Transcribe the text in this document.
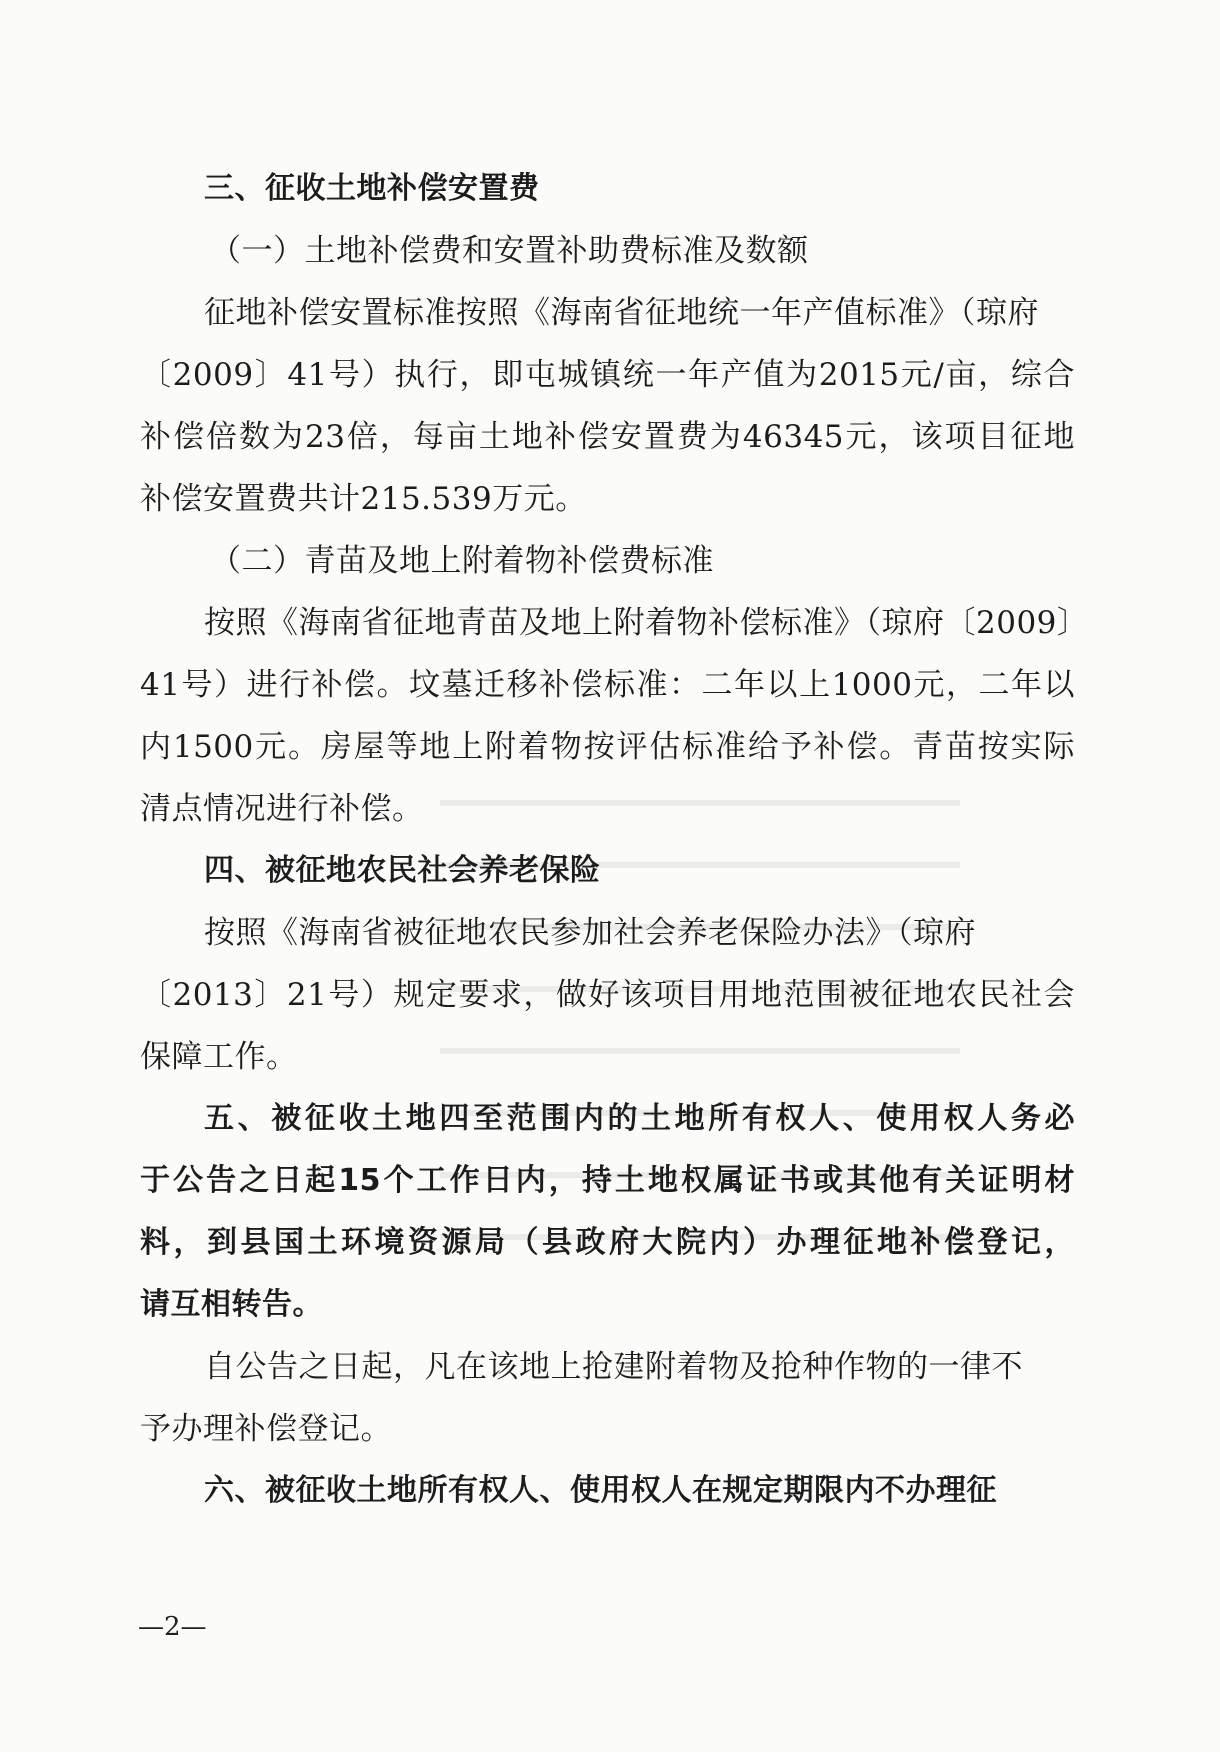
三、征收土地补偿安置费
（一）土地补偿费和安置补助费标准及数额
征地补偿安置标准按照《海南省征地统一年产值标准》（琼府
〔2009〕41号）执行，即屯城镇统一年产值为2015元/亩，综合
补偿倍数为23倍，每亩土地补偿安置费为46345元，该项目征地
补偿安置费共计215.539万元。
（二）青苗及地上附着物补偿费标准
按照《海南省征地青苗及地上附着物补偿标准》（琼府〔2009〕
41号）进行补偿。坟墓迁移补偿标准：二年以上1000元，二年以
内1500元。房屋等地上附着物按评估标准给予补偿。青苗按实际
清点情况进行补偿。
四、被征地农民社会养老保险
按照《海南省被征地农民参加社会养老保险办法》（琼府
〔2013〕21号）规定要求，做好该项目用地范围被征地农民社会
保障工作。
五、被征收土地四至范围内的土地所有权人、使用权人务必
于公告之日起15个工作日内，持土地权属证书或其他有关证明材
料，到县国土环境资源局（县政府大院内）办理征地补偿登记，
请互相转告。
自公告之日起，凡在该地上抢建附着物及抢种作物的一律不
予办理补偿登记。
六、被征收土地所有权人、使用权人在规定期限内不办理征
—2—
